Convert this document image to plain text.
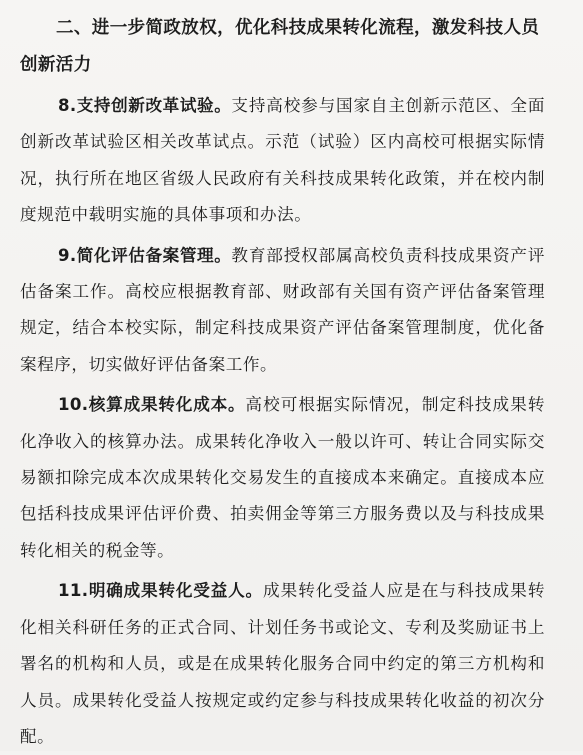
二、进一步简政放权，优化科技成果转化流程，激发科技人员创新活力

8.支持创新改革试验。支持高校参与国家自主创新示范区、全面创新改革试验区相关改革试点。示范（试验）区内高校可根据实际情况，执行所在地区省级人民政府有关科技成果转化政策，并在校内制度规范中载明实施的具体事项和办法。

9.简化评估备案管理。教育部授权部属高校负责科技成果资产评估备案工作。高校应根据教育部、财政部有关国有资产评估备案管理规定，结合本校实际，制定科技成果资产评估备案管理制度，优化备案程序，切实做好评估备案工作。

10.核算成果转化成本。高校可根据实际情况，制定科技成果转化净收入的核算办法。成果转化净收入一般以许可、转让合同实际交易额扣除完成本次成果转化交易发生的直接成本来确定。直接成本应包括科技成果评估评价费、拍卖佣金等第三方服务费以及与科技成果转化相关的税金等。

11.明确成果转化受益人。成果转化受益人应是在与科技成果转化相关科研任务的正式合同、计划任务书或论文、专利及奖励证书上署名的机构和人员，或是在成果转化服务合同中约定的第三方机构和人员。成果转化受益人按规定或约定参与科技成果转化收益的初次分配。
